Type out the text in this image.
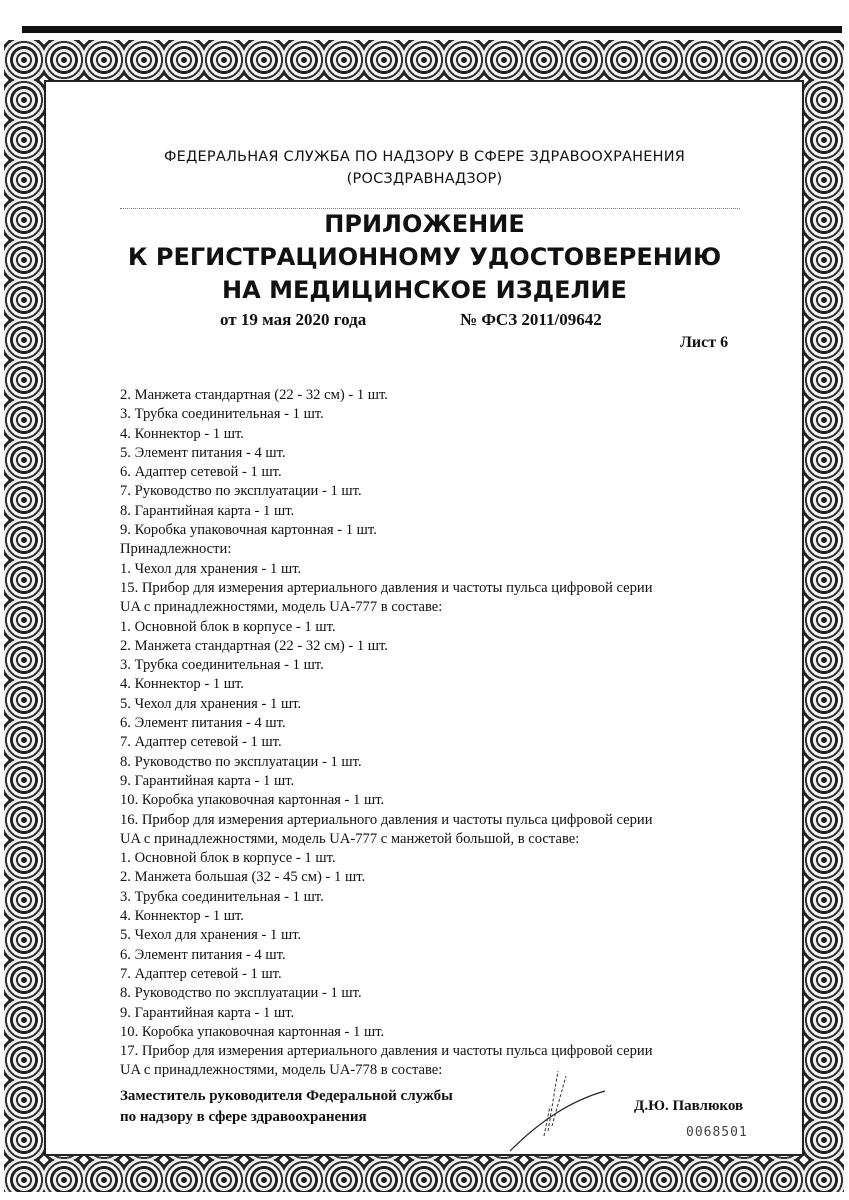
ФЕДЕРАЛЬНАЯ СЛУЖБА ПО НАДЗОРУ В СФЕРЕ ЗДРАВООХРАНЕНИЯ
(РОСЗДРАВНАДЗОР)
ПРИЛОЖЕНИЕ
К РЕГИСТРАЦИОННОМУ УДОСТОВЕРЕНИЮ
НА МЕДИЦИНСКОЕ ИЗДЕЛИЕ
от 19 мая 2020 года	№ ФСЗ 2011/09642
Лист 6
2. Манжета стандартная (22 - 32 см) - 1 шт.
3. Трубка соединительная - 1 шт.
4. Коннектор - 1 шт.
5. Элемент питания - 4 шт.
6. Адаптер сетевой - 1 шт.
7. Руководство по эксплуатации - 1 шт.
8. Гарантийная карта - 1 шт.
9. Коробка упаковочная картонная - 1 шт.
Принадлежности:
1. Чехол для хранения - 1 шт.
15. Прибор для измерения артериального давления и частоты пульса цифровой серии
UA с принадлежностями, модель UA-777 в составе:
1. Основной блок в корпусе - 1 шт.
2. Манжета стандартная (22 - 32 см) - 1 шт.
3. Трубка соединительная - 1 шт.
4. Коннектор - 1 шт.
5. Чехол для хранения - 1 шт.
6. Элемент питания - 4 шт.
7. Адаптер сетевой - 1 шт.
8. Руководство по эксплуатации - 1 шт.
9. Гарантийная карта - 1 шт.
10. Коробка упаковочная картонная - 1 шт.
16. Прибор для измерения артериального давления и частоты пульса цифровой серии
UA с принадлежностями, модель UA-777 с манжетой большой, в составе:
1. Основной блок в корпусе - 1 шт.
2. Манжета большая (32 - 45 см) - 1 шт.
3. Трубка соединительная - 1 шт.
4. Коннектор - 1 шт.
5. Чехол для хранения - 1 шт.
6. Элемент питания - 4 шт.
7. Адаптер сетевой - 1 шт.
8. Руководство по эксплуатации - 1 шт.
9. Гарантийная карта - 1 шт.
10. Коробка упаковочная картонная - 1 шт.
17. Прибор для измерения артериального давления и частоты пульса цифровой серии
UA с принадлежностями, модель UA-778 в составе:
Заместитель руководителя Федеральной службы
по надзору в сфере здравоохранения
Д.Ю. Павлюков
0068501
